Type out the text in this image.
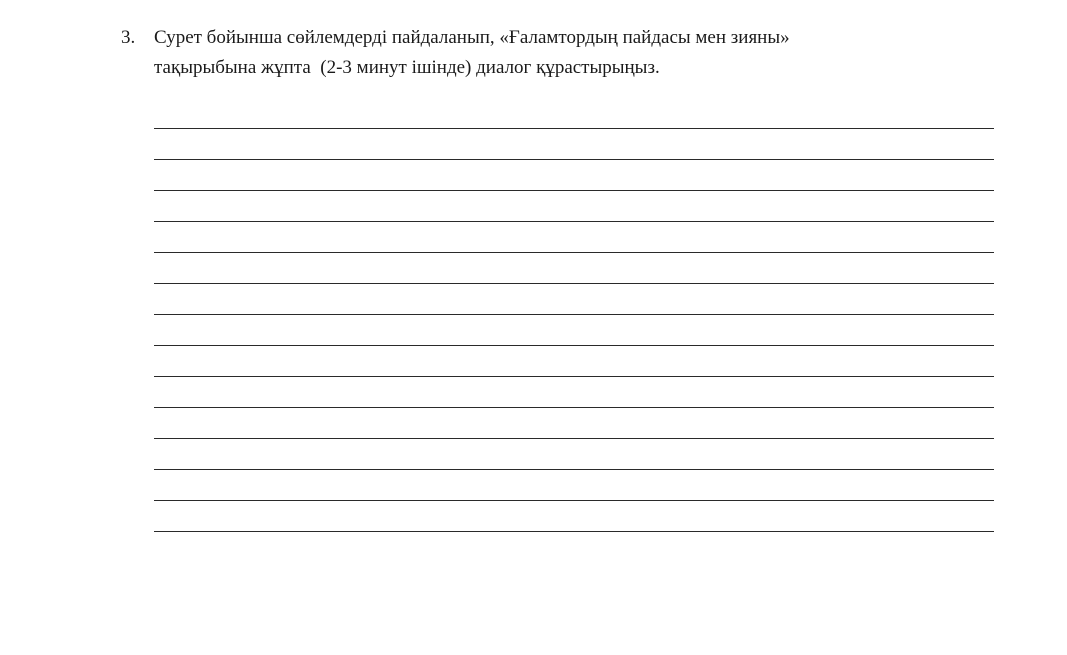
3. Сурет бойынша сөйлемдерді пайдаланып, «Ғаламтордың пайдасы мен зияны»
тақырыбына жұпта  (2-3 минут ішінде) диалог құрастырыңыз.
